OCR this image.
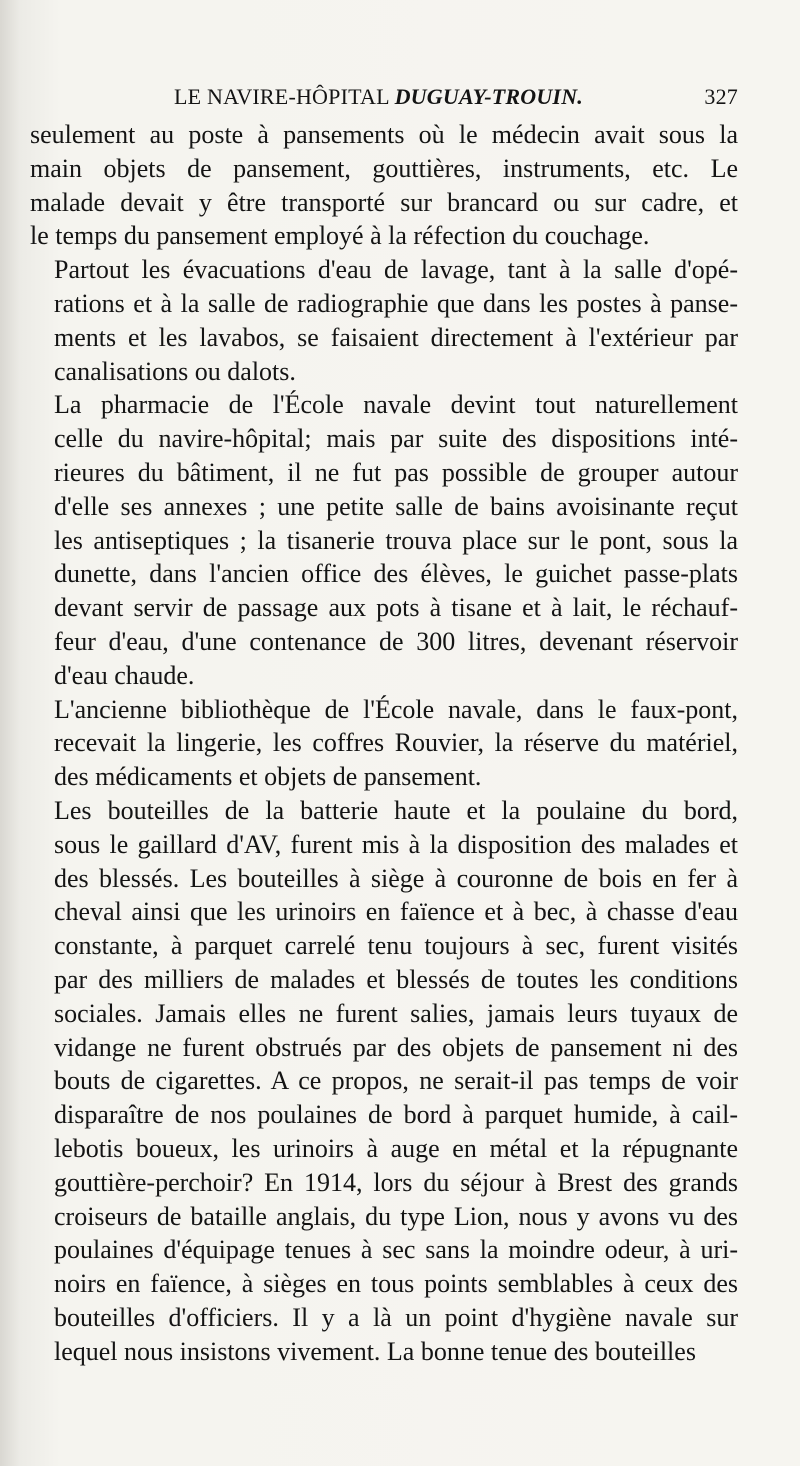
LE NAVIRE-HÔPITAL DUGUAY-TROUIN.	327

seulement au poste à pansements où le médecin avait sous la
main objets de pansement, gouttières, instruments, etc. Le
malade devait y être transporté sur brancard ou sur cadre, et
le temps du pansement employé à la réfection du couchage.

Partout les évacuations d'eau de lavage, tant à la salle d'opé-
rations et à la salle de radiographie que dans les postes à panse-
ments et les lavabos, se faisaient directement à l'extérieur par
canalisations ou dalots.

La pharmacie de l'École navale devint tout naturellement
celle du navire-hôpital; mais par suite des dispositions inté-
rieures du bâtiment, il ne fut pas possible de grouper autour
d'elle ses annexes ; une petite salle de bains avoisinante reçut
les antiseptiques ; la tisanerie trouva place sur le pont, sous la
dunette, dans l'ancien office des élèves, le guichet passe-plats
devant servir de passage aux pots à tisane et à lait, le réchauf-
feur d'eau, d'une contenance de 300 litres, devenant réservoir
d'eau chaude.

L'ancienne bibliothèque de l'École navale, dans le faux-pont,
recevait la lingerie, les coffres Rouvier, la réserve du matériel,
des médicaments et objets de pansement.

Les bouteilles de la batterie haute et la poulaine du bord,
sous le gaillard d'AV, furent mis à la disposition des malades et
des blessés. Les bouteilles à siège à couronne de bois en fer à
cheval ainsi que les urinoirs en faïence et à bec, à chasse d'eau
constante, à parquet carrelé tenu toujours à sec, furent visités
par des milliers de malades et blessés de toutes les conditions
sociales. Jamais elles ne furent salies, jamais leurs tuyaux de
vidange ne furent obstrués par des objets de pansement ni des
bouts de cigarettes. A ce propos, ne serait-il pas temps de voir
disparaître de nos poulaines de bord à parquet humide, à cail-
lebotis boueux, les urinoirs à auge en métal et la répugnante
gouttière-perchoir? En 1914, lors du séjour à Brest des grands
croiseurs de bataille anglais, du type Lion, nous y avons vu des
poulaines d'équipage tenues à sec sans la moindre odeur, à uri-
noirs en faïence, à sièges en tous points semblables à ceux des
bouteilles d'officiers. Il y a là un point d'hygiène navale sur
lequel nous insistons vivement. La bonne tenue des bouteilles
